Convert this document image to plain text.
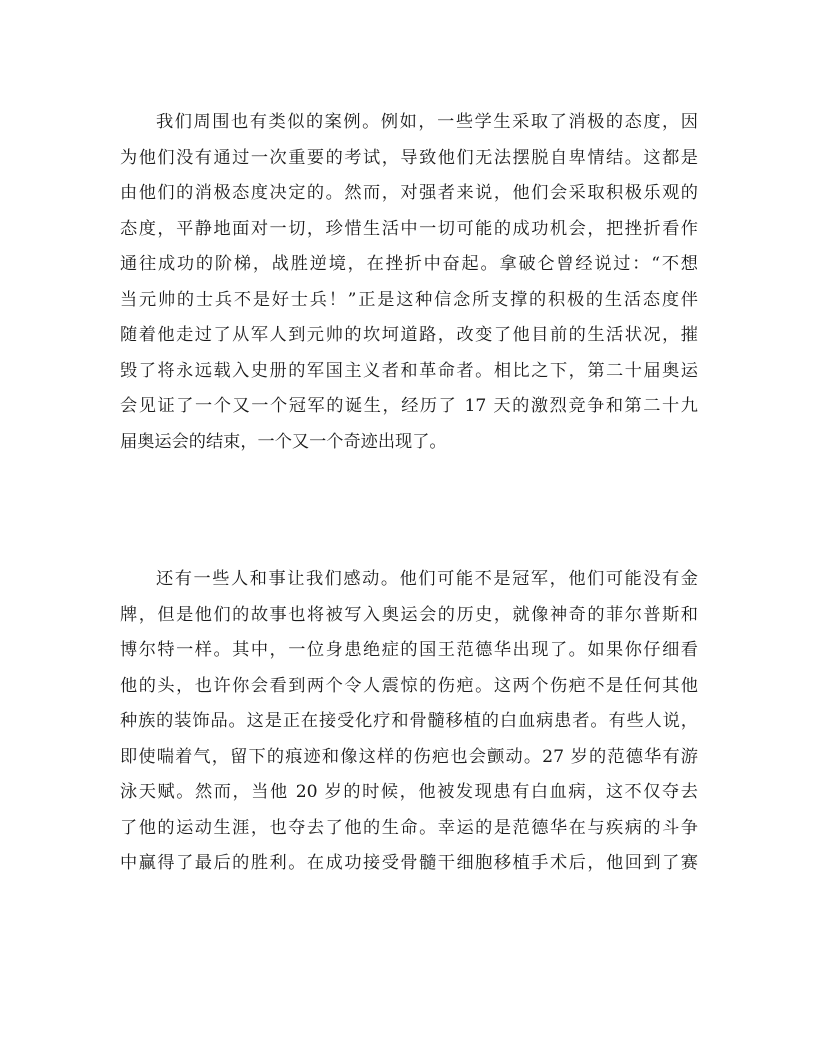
我们周围也有类似的案例。例如，一些学生采取了消极的态度，因
为他们没有通过一次重要的考试，导致他们无法摆脱自卑情结。这都是
由他们的消极态度决定的。然而，对强者来说，他们会采取积极乐观的
态度，平静地面对一切，珍惜生活中一切可能的成功机会，把挫折看作
通往成功的阶梯，战胜逆境，在挫折中奋起。拿破仑曾经说过：“不想
当元帅的士兵不是好士兵！”正是这种信念所支撑的积极的生活态度伴
随着他走过了从军人到元帅的坎坷道路，改变了他目前的生活状况，摧
毁了将永远载入史册的军国主义者和革命者。相比之下，第二十届奥运
会见证了一个又一个冠军的诞生，经历了 17 天的激烈竞争和第二十九
届奥运会的结束，一个又一个奇迹出现了。
还有一些人和事让我们感动。他们可能不是冠军，他们可能没有金
牌，但是他们的故事也将被写入奥运会的历史，就像神奇的菲尔普斯和
博尔特一样。其中，一位身患绝症的国王范德华出现了。如果你仔细看
他的头，也许你会看到两个令人震惊的伤疤。这两个伤疤不是任何其他
种族的装饰品。这是正在接受化疗和骨髓移植的白血病患者。有些人说，
即使喘着气，留下的痕迹和像这样的伤疤也会颤动。27 岁的范德华有游
泳天赋。然而，当他 20 岁的时候，他被发现患有白血病，这不仅夺去
了他的运动生涯，也夺去了他的生命。幸运的是范德华在与疾病的斗争
中赢得了最后的胜利。在成功接受骨髓干细胞移植手术后，他回到了赛
